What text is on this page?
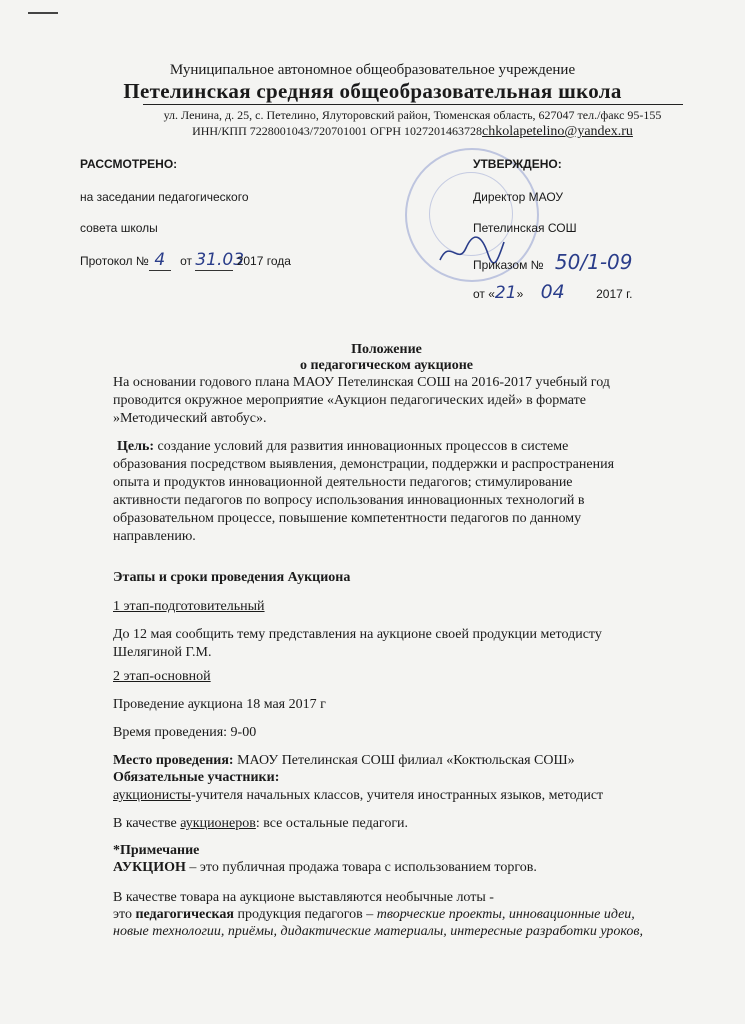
Муниципальное автономное общеобразовательное учреждение
Петелинская средняя общеобразовательная школа
ул. Ленина, д. 25, с. Петелино, Ялуторовский район, Тюменская область, 627047 тел./факс 95-155
ИНН/КПП 7228001043/720701001 ОГРН 1027201463728chkolapetelino@yandex.ru
РАССМОТРЕНО:
на заседании педагогического
совета школы
Протокол № 4 от 31.03 2017 года
УТВЕРЖДЕНО:
Директор МАОУ
Петелинская СОШ
Приказом № 50/1-09
от «21» 04	2017 г.
Положение
о педагогическом аукционе

На основании годового плана МАОУ Петелинская СОШ на 2016-2017 учебный год

проводится окружное мероприятие «Аукцион педагогических идей» в формате

»Методический автобус».

Цель: создание условий для развития инновационных процессов в системе

образования посредством выявления, демонстрации, поддержки и распространения

опыта и продуктов инновационной деятельности педагогов; стимулирование

активности педагогов по вопросу использования инновационных технологий в

образовательном процессе, повышение компетентности педагогов по данному

направлению.

Этапы и сроки проведения Аукциона
1 этап-подготовительный

До 12 мая сообщить тему представления на аукционе своей продукции методисту

Шелягиной Г.М.

2 этап-основной
Проведение аукциона 18 мая 2017 г
Время проведения: 9-00
Место проведения: МАОУ Петелинская СОШ филиал «Коктюльская СОШ»
Обязательные участники:
аукционисты-учителя начальных классов, учителя иностранных языков, методист
В качестве аукционеров: все остальные педагоги.
*Примечание
АУКЦИОН – это публичная продажа товара с использованием торгов.
В качестве товара на аукционе выставляются необычные лоты -
это педагогическая продукция педагогов – творческие проекты, инновационные идеи,
новые технологии, приёмы, дидактические материалы, интересные разработки уроков,
